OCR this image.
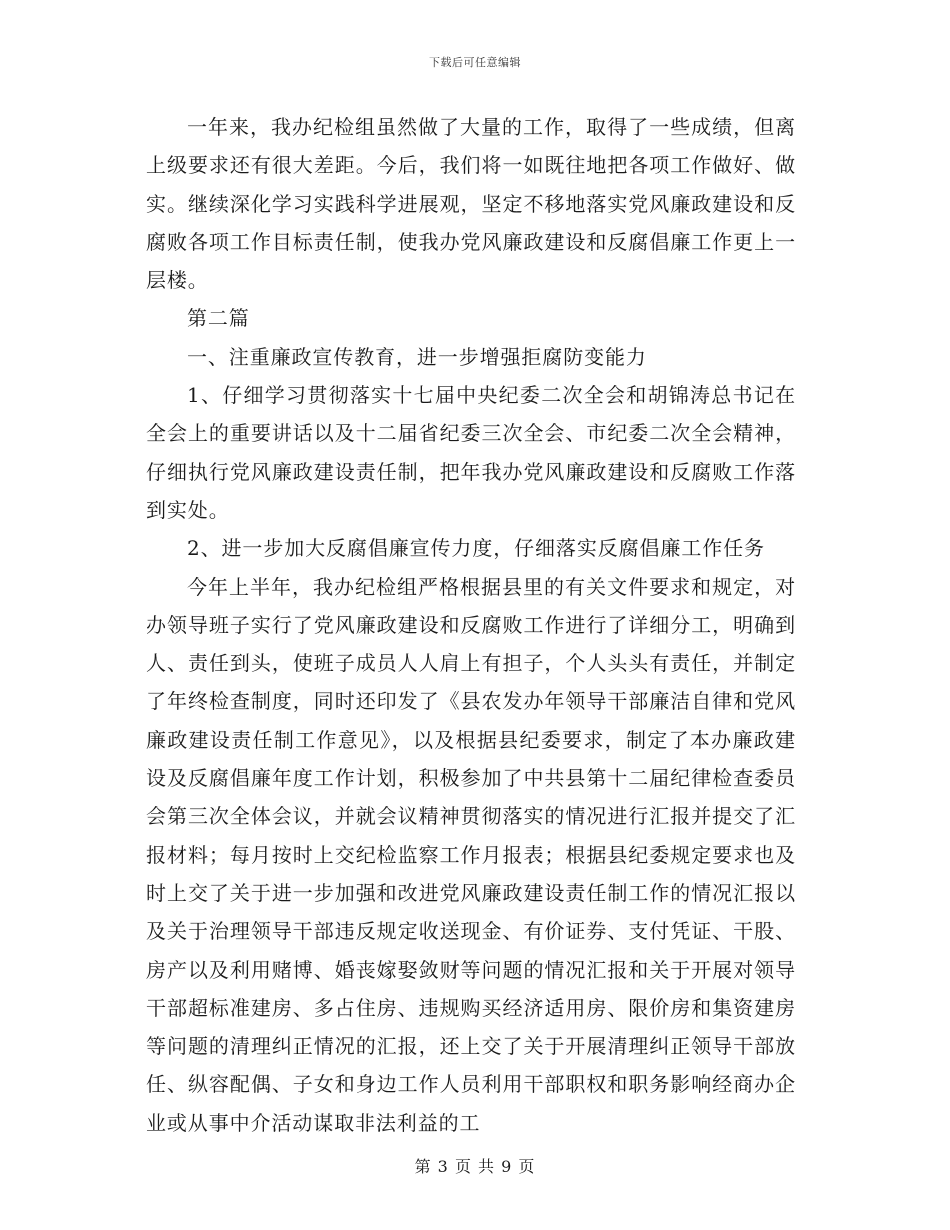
下载后可任意编辑

一年来，我办纪检组虽然做了大量的工作，取得了一些成绩，但离上级要求还有很大差距。今后，我们将一如既往地把各项工作做好、做实。继续深化学习实践科学进展观，坚定不移地落实党风廉政建设和反腐败各项工作目标责任制，使我办党风廉政建设和反腐倡廉工作更上一层楼。

第二篇

一、注重廉政宣传教育，进一步增强拒腐防变能力

1、仔细学习贯彻落实十七届中央纪委二次全会和胡锦涛总书记在全会上的重要讲话以及十二届省纪委三次全会、市纪委二次全会精神，仔细执行党风廉政建设责任制，把年我办党风廉政建设和反腐败工作落到实处。

2、进一步加大反腐倡廉宣传力度，仔细落实反腐倡廉工作任务

今年上半年，我办纪检组严格根据县里的有关文件要求和规定，对办领导班子实行了党风廉政建设和反腐败工作进行了详细分工，明确到人、责任到头，使班子成员人人肩上有担子，个人头头有责任，并制定了年终检查制度，同时还印发了《县农发办年领导干部廉洁自律和党风廉政建设责任制工作意见》，以及根据县纪委要求，制定了本办廉政建设及反腐倡廉年度工作计划，积极参加了中共县第十二届纪律检查委员会第三次全体会议，并就会议精神贯彻落实的情况进行汇报并提交了汇报材料；每月按时上交纪检监察工作月报表；根据县纪委规定要求也及时上交了关于进一步加强和改进党风廉政建设责任制工作的情况汇报以及关于治理领导干部违反规定收送现金、有价证券、支付凭证、干股、房产以及利用赌博、婚丧嫁娶敛财等问题的情况汇报和关于开展对领导干部超标准建房、多占住房、违规购买经济适用房、限价房和集资建房等问题的清理纠正情况的汇报，还上交了关于开展清理纠正领导干部放任、纵容配偶、子女和身边工作人员利用干部职权和职务影响经商办企业或从事中介活动谋取非法利益的工

第 3 页 共 9 页
